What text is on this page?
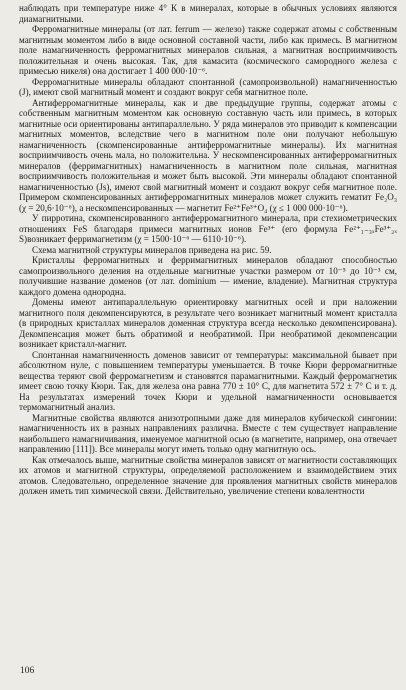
наблюдать при температуре ниже 4° К в минералах, которые в обычных условиях являются диамагнитными.

Ферромагнитные минералы (от лат. ferrum — железо) также содержат атомы с собственным магнитным моментом либо в виде основной составной части, либо как примесь. В магнитном поле намагниченность ферромагнитных минералов сильная, а магнитная восприимчивость положительная и очень высокая. Так, для камасита (космического самородного железа с примесью никеля) она достигает 1 400 000·10⁻⁶.

Ферромагнитные минералы обладают спонтанной (самопроизвольной) намагниченностью (J), имеют свой магнитный момент и создают вокруг себя магнитное поле.

Антиферромагнитные минералы, как и две предыдущие группы, содержат атомы с собственным магнитным моментом как основную составную часть или примесь, в которых магнитные оси ориентированы антипараллельно. У ряда минералов это приводит к компенсации магнитных моментов, вследствие чего в магнитном поле они получают небольшую намагниченность (скомпенсированные антиферромагнитные минералы). Их магнитная восприимчивость очень мала, но положительна. У нескомпенсированных антиферромагнитных минералов (ферримагнитных) намагниченность в магнитном поле сильная, магнитная восприимчивость положительная и может быть высокой. Эти минералы обладают спонтанной намагниченностью (Js), имеют свой магнитный момент и создают вокруг себя магнитное поле. Примером скомпенсированных антиферромагнитных минералов может служить гематит Fe₂O₃ (χ = 20,6·10⁻⁶), а нескомпенсированных — магнетит Fe²⁺Fe³⁺O₄ (χ ≤ 1 000 000·10⁻⁶).

У пирротина, скомпенсированного антиферромагнитного минерала, при стехиометрических отношениях FeS благодаря примеси магнитных ионов Fe³⁺ (его формула Fe²⁺₁₋₃ₓFe³⁺₂ₓ S)возникает ферримагнетизм (χ = 1500·10⁻⁶ — 6110·10⁻⁶).

Схема магнитной структуры минералов приведена на рис. 59.

Кристаллы ферромагнитных и ферримагнитных минералов обладают способностью самопроизвольного деления на отдельные магнитные участки размером от 10⁻⁵ до 10⁻³ см, получившие название доменов (от лат. dominium — имение, владение). Магнитная структура каждого домена однородна.

Домены имеют антипараллельную ориентировку магнитных осей и при наложении магнитного поля декомпенсируются, в результате чего возникает магнитный момент кристалла (в природных кристаллах минералов доменная структура всегда несколько декомпенсирована). Декомпенсация может быть обратимой и необратимой. При необратимой декомпенсации возникает кристалл-магнит.

Спонтанная намагниченность доменов зависит от температуры: максимальной бывает при абсолютном нуле, с повышением температуры уменьшается. В точке Кюри ферромагнитные вещества теряют свой ферромагнетизм и становятся парамагнитными. Каждый ферромагнетик имеет свою точку Кюри. Так, для железа она равна 770 ± 10° С, для магнетита 572 ± 7° С и т. д. На результатах измерений точек Кюри и удельной намагниченности основывается термомагнитный анализ.

Магнитные свойства являются анизотропными даже для минералов кубической сингонии: намагниченность их в разных направлениях различна. Вместе с тем существует направление наибольшего намагничивания, именуемое магнитной осью (в магнетите, например, она отвечает направлению [111]). Все минералы могут иметь только одну магнитную ось.

Как отмечалось выше, магнитные свойства минералов зависят от магнитности составляющих их атомов и магнитной структуры, определяемой расположением и взаимодействием этих атомов. Следовательно, определенное значение для проявления магнитных свойств минералов должен иметь тип химической связи. Действительно, увеличение степени ковалентности

106
